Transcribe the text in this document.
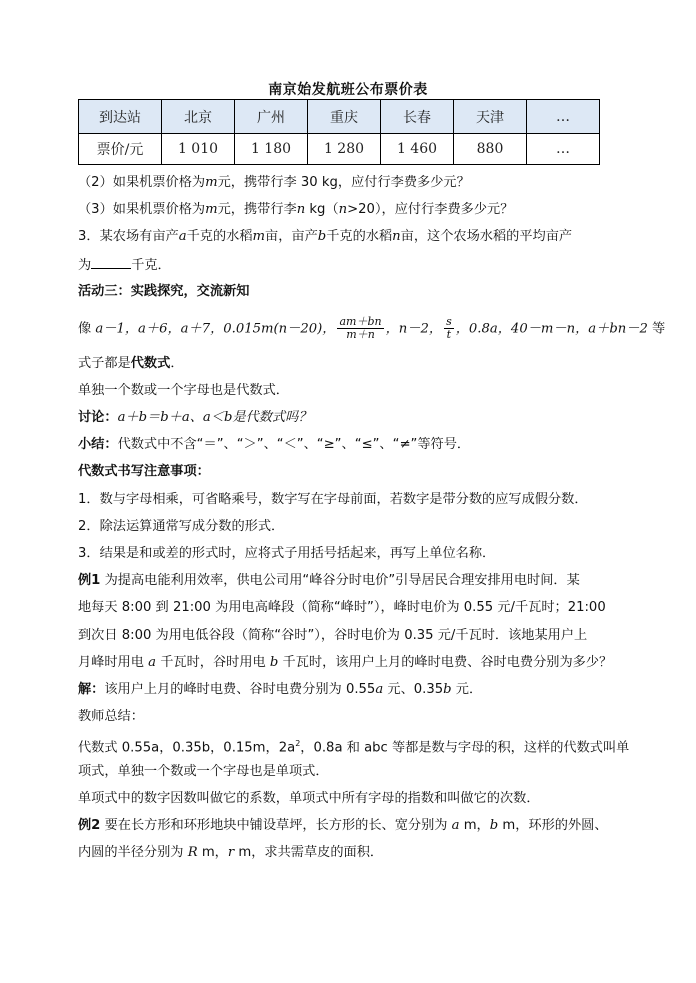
南京始发航班公布票价表
到达站	北京	广州	重庆	长春	天津	…
票价/元	1 010	1 180	1 280	1 460	880	…
（2）如果机票价格为m元，携带行李 30 kg，应付行李费多少元？
（3）如果机票价格为m元，携带行李n kg（n>20），应付行李费多少元？
3．某农场有亩产a千克的水稻m亩，亩产b千克的水稻n亩，这个农场水稻的平均亩产
为	千克．
活动三：实践探究，交流新知
像 a－1，a＋6，a＋7，0.015m(n－20)， $\frac{am+bn}{m+n}$ ，n－2， $\frac{s}{t}$ ，0.8a，40－m－n，a＋bn－2 等
式子都是代数式．
单独一个数或一个字母也是代数式．
讨论：a＋b＝b＋a、a＜b是代数式吗？
小结：代数式中不含“＝”、“＞”、“＜”、“≥”、“≤”、“≠”等符号．
代数式书写注意事项：
1．数与字母相乘，可省略乘号，数字写在字母前面，若数字是带分数的应写成假分数．
2．除法运算通常写成分数的形式．
3．结果是和或差的形式时，应将式子用括号括起来，再写上单位名称．
例1 为提高电能利用效率，供电公司用“峰谷分时电价”引导居民合理安排用电时间．某
地每天 8:00 到 21:00 为用电高峰段（简称“峰时”），峰时电价为 0.55 元/千瓦时；21:00
到次日 8:00 为用电低谷段（简称“谷时”），谷时电价为 0.35 元/千瓦时．该地某用户上
月峰时用电 a 千瓦时，谷时用电 b 千瓦时，该用户上月的峰时电费、谷时电费分别为多少？
解：该用户上月的峰时电费、谷时电费分别为 0.55a 元、0.35b 元．
教师总结：
代数式 0.55a，0.35b，0.15m，$2a^2$，0.8a 和 abc 等都是数与字母的积，这样的代数式叫单
项式，单独一个数或一个字母也是单项式．
单项式中的数字因数叫做它的系数，单项式中所有字母的指数和叫做它的次数．
例2 要在长方形和环形地块中铺设草坪，长方形的长、宽分别为 a m，b m，环形的外圆、
内圆的半径分别为 R m，r m，求共需草皮的面积．
